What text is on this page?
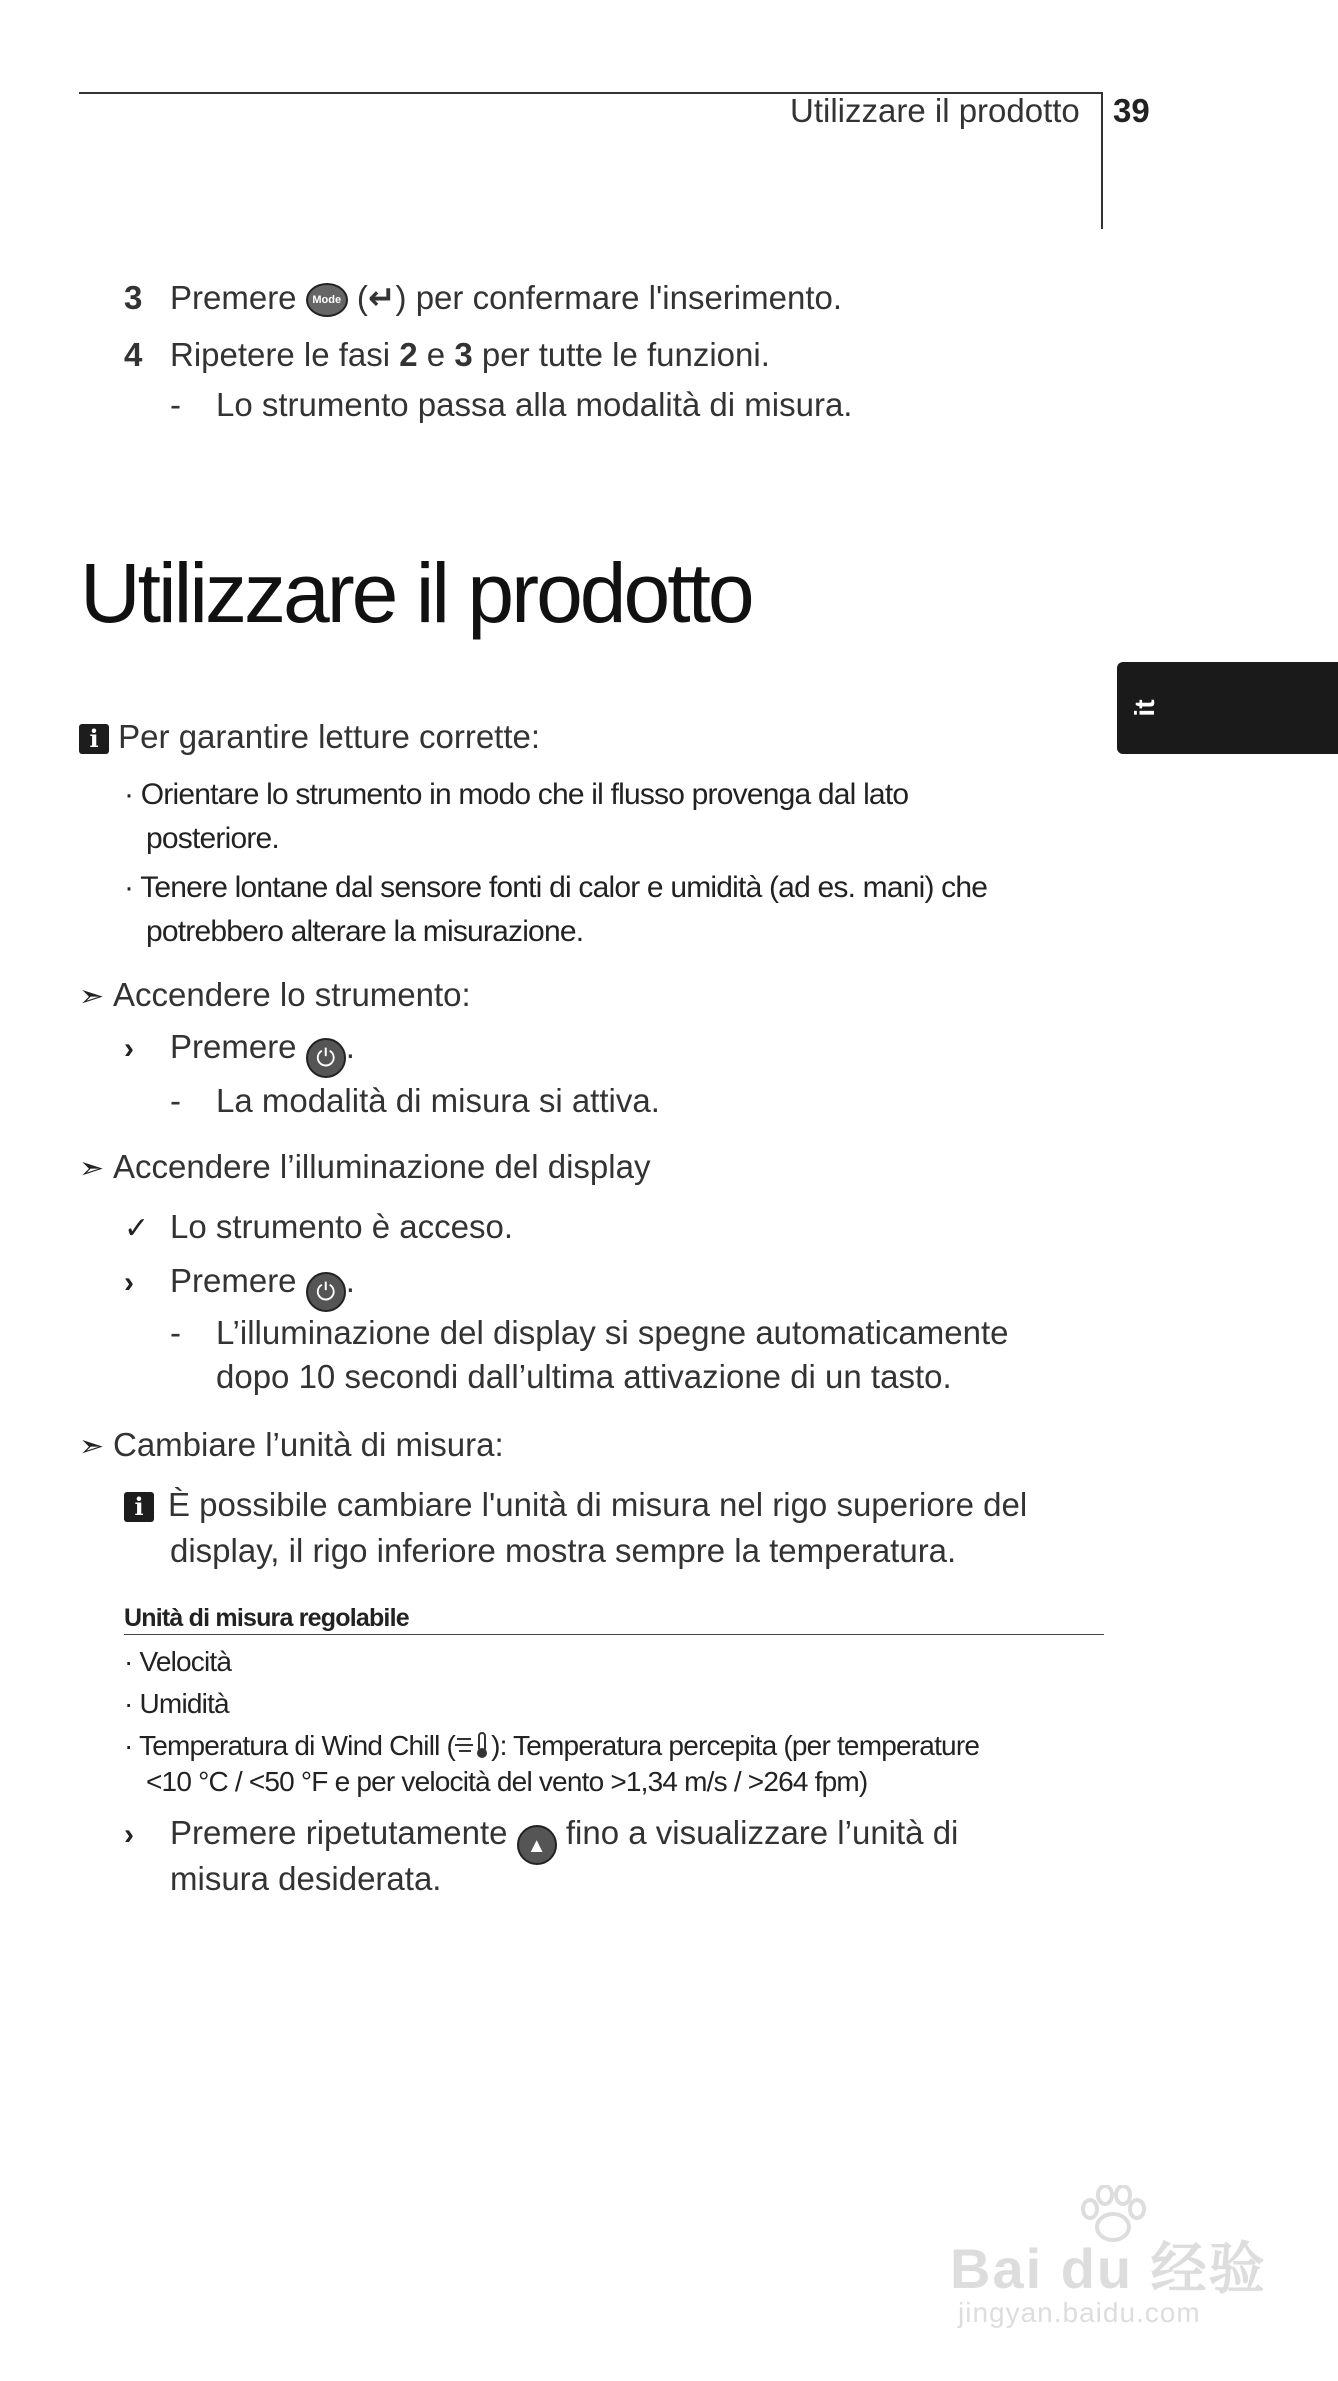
Utilizzare il prodotto 39
3 Premere Mode (↵) per confermare l'inserimento.
4 Ripetere le fasi 2 e 3 per tutte le funzioni.
- Lo strumento passa alla modalità di misura.
Utilizzare il prodotto
it
i Per garantire letture corrette:
· Orientare lo strumento in modo che il flusso provenga dal lato
posteriore.
· Tenere lontane dal sensore fonti di calor e umidità (ad es. mani) che
potrebbero alterare la misurazione.
➣ Accendere lo strumento:
› Premere ⏻ .
- La modalità di misura si attiva.
➣ Accendere l’illuminazione del display
✓ Lo strumento è acceso.
› Premere ⏻ .
- L’illuminazione del display si spegne automaticamente
dopo 10 secondi dall’ultima attivazione di un tasto.
➣ Cambiare l’unità di misura:
i È possibile cambiare l'unità di misura nel rigo superiore del
display, il rigo inferiore mostra sempre la temperatura.
Unità di misura regolabile
· Velocità
· Umidità
· Temperatura di Wind Chill ( ): Temperatura percepita (per temperature
<10 °C / <50 °F e per velocità del vento >1,34 m/s / >264 fpm)
› Premere ripetutamente ▲ fino a visualizzare l’unità di
misura desiderata.
Bai du 经验
jingyan.baidu.com
